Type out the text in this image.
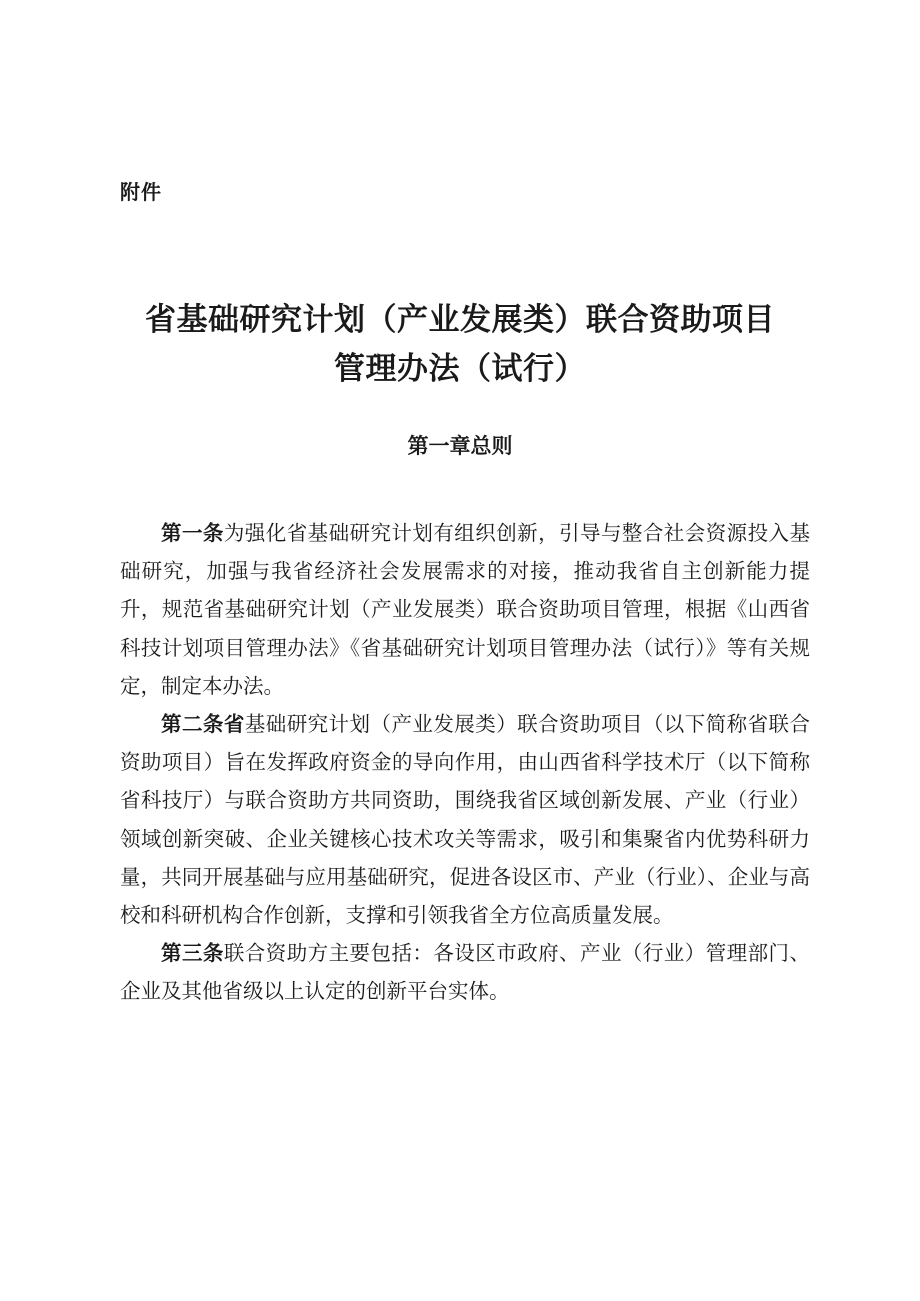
附件
省基础研究计划（产业发展类）联合资助项目
管理办法（试行）
第一章总则

第一条为强化省基础研究计划有组织创新，引导与整合社会资源投入基础研究，加强与我省经济社会发展需求的对接，推动我省自主创新能力提升，规范省基础研究计划（产业发展类）联合资助项目管理，根据《山西省科技计划项目管理办法》《省基础研究计划项目管理办法（试行）》等有关规定，制定本办法。

第二条省基础研究计划（产业发展类）联合资助项目（以下简称省联合资助项目）旨在发挥政府资金的导向作用，由山西省科学技术厅（以下简称省科技厅）与联合资助方共同资助，围绕我省区域创新发展、产业（行业）领域创新突破、企业关键核心技术攻关等需求，吸引和集聚省内优势科研力量，共同开展基础与应用基础研究，促进各设区市、产业（行业）、企业与高校和科研机构合作创新，支撑和引领我省全方位高质量发展。

第三条联合资助方主要包括：各设区市政府、产业（行业）管理部门、企业及其他省级以上认定的创新平台实体。
